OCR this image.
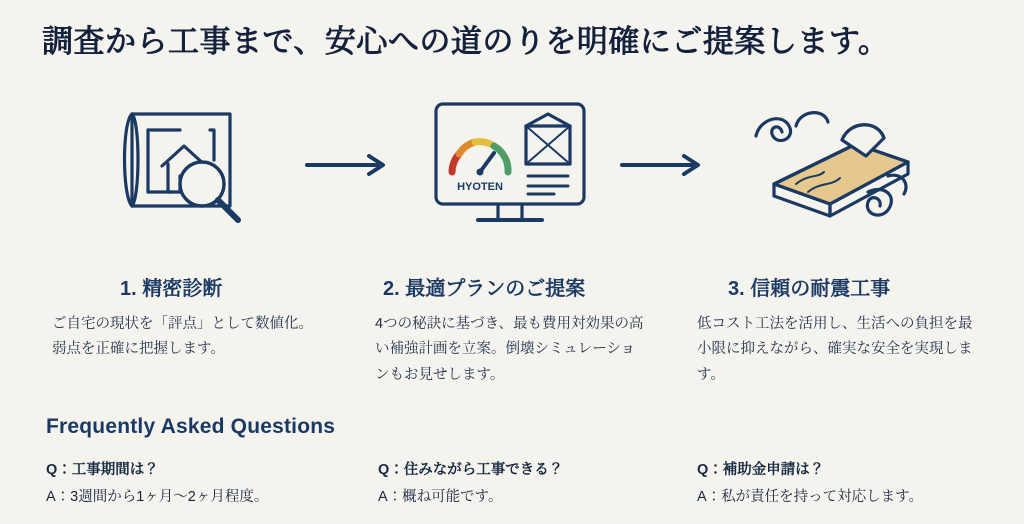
調査から工事まで、安心への道のりを明確にご提案します。
HYOTEN
1. 精密診断	2. 最適プランのご提案	3. 信頼の耐震工事
ご自宅の現状を「評点」として数値化。弱点を正確に把握します。
4つの秘訣に基づき、最も費用対効果の高い補強計画を立案。倒壊シミュレーションもお見せします。
低コスト工法を活用し、生活への負担を最小限に抑えながら、確実な安全を実現します。
Frequently Asked Questions
Q：工事期間は？
A：3週間から1ヶ月〜2ヶ月程度。
Q：住みながら工事できる？
A：概ね可能です。
Q：補助金申請は？
A：私が責任を持って対応します。
